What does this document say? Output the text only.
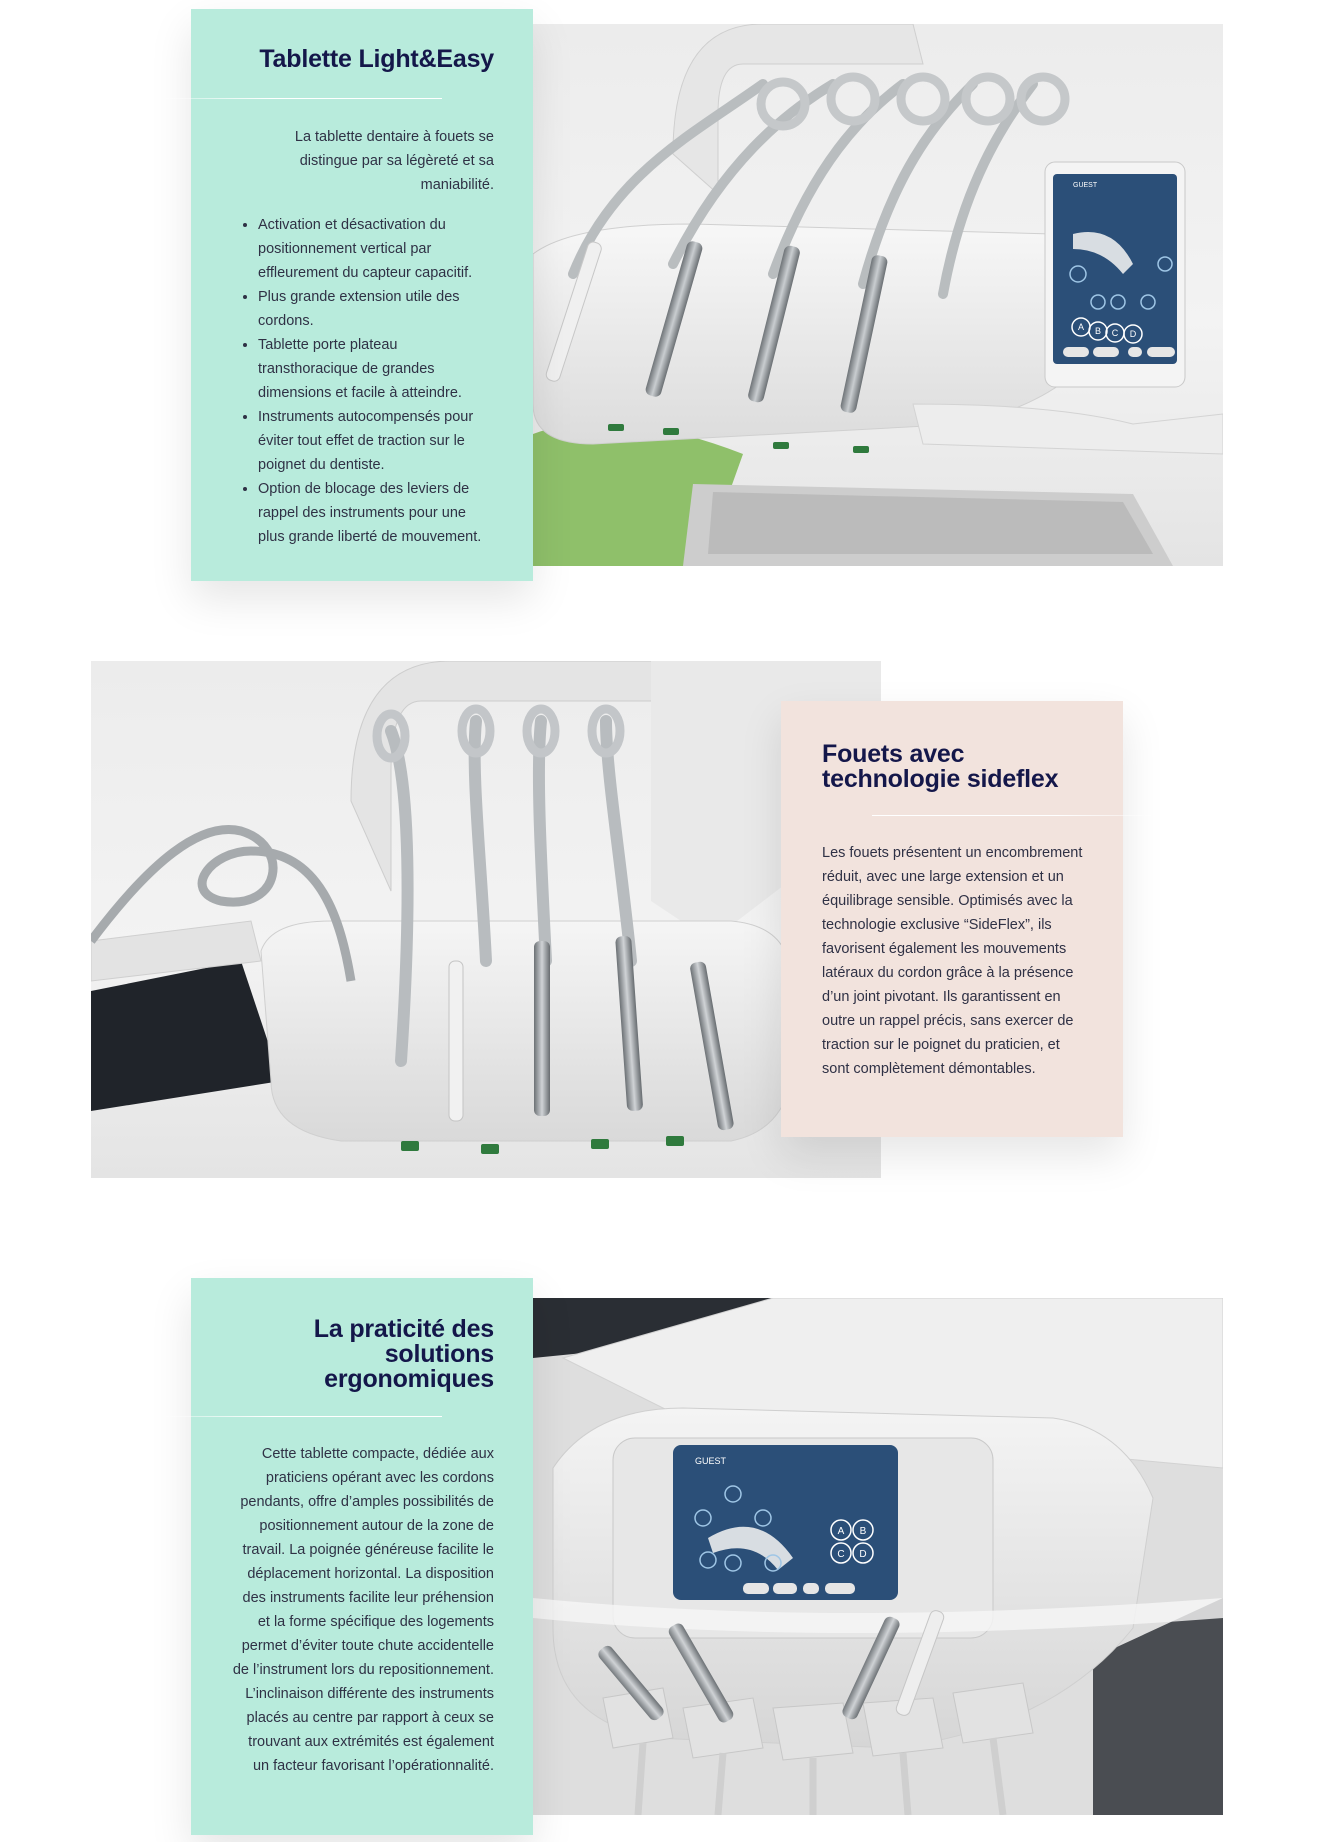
GUEST
A B C D
Tablette Light&Easy

La tablette dentaire à fouets se distingue par sa légèreté et sa maniabilité.

• Activation et désactivation du positionnement vertical par effleurement du capteur capacitif.
• Plus grande extension utile des cordons.
• Tablette porte plateau transthoracique de grandes dimensions et facile à atteindre.
• Instruments autocompensés pour éviter tout effet de traction sur le poignet du dentiste.
• Option de blocage des leviers de rappel des instruments pour une plus grande liberté de mouvement.
Fouets avec
technologie sideflex

Les fouets présentent un encombrement réduit, avec une large extension et un équilibrage sensible. Optimisés avec la technologie exclusive “SideFlex”, ils favorisent également les mouvements latéraux du cordon grâce à la présence d’un joint pivotant. Ils garantissent en outre un rappel précis, sans exercer de traction sur le poignet du praticien, et sont complètement démontables.

GUEST
A B
C D
La praticité des
solutions
ergonomiques

Cette tablette compacte, dédiée aux praticiens opérant avec les cordons pendants, offre d’amples possibilités de positionnement autour de la zone de travail. La poignée généreuse facilite le déplacement horizontal. La disposition des instruments facilite leur préhension et la forme spécifique des logements permet d’éviter toute chute accidentelle de l’instrument lors du repositionnement. L’inclinaison différente des instruments placés au centre par rapport à ceux se trouvant aux extrémités est également un facteur favorisant l’opérationnalité.
